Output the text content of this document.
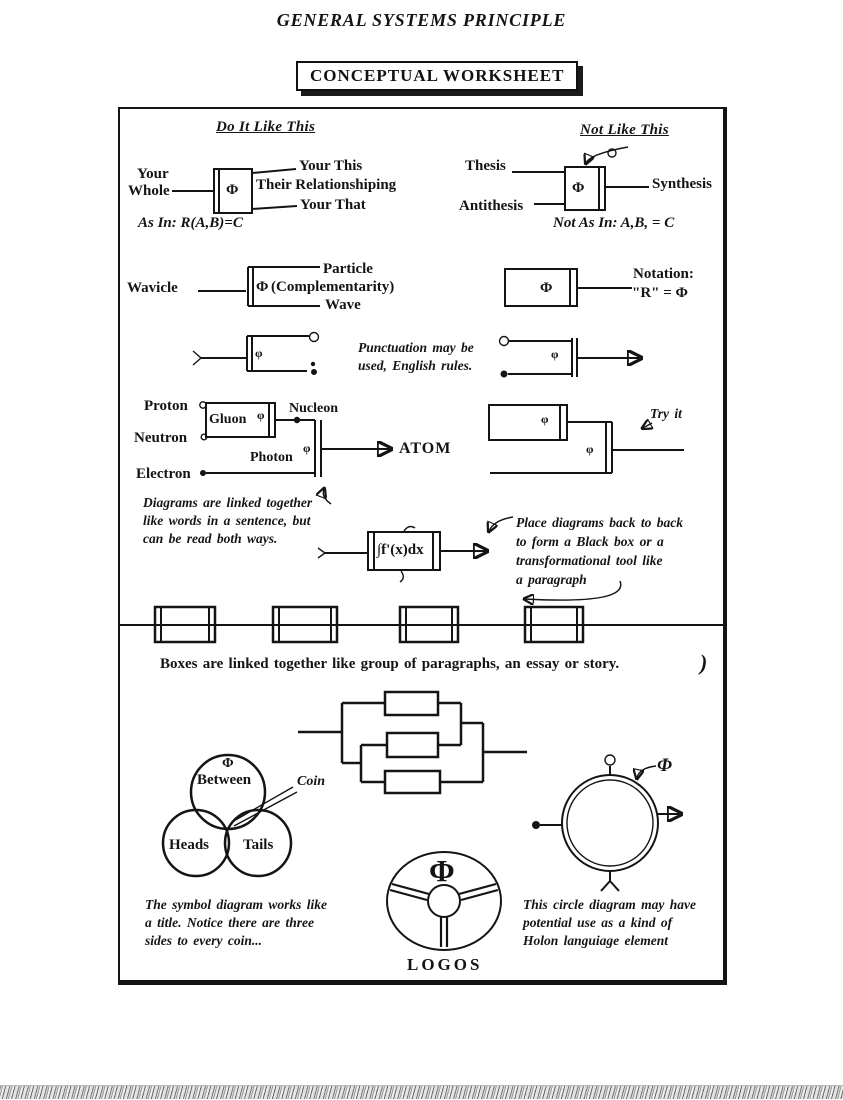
GENERAL SYSTEMS PRINCIPLE
CONCEPTUAL WORKSHEET
Do It Like This	Not Like This
Your
Whole
Your This
Their Relationshiping
Your That
Φ
As In: R(A,B)=C
Thesis
Antithesis
Synthesis
Φ
Not As In: A,B, = C
Wavicle
Particle
(Complementarity)
Wave
Φ
Notation:
"R" = Φ
Φ
Punctuation may be
used, English rules.
φ	φ
Proton
Neutron
Electron
Gluon φ Nucleon
Photon
φ	ATOM
Try it
φ
φ
Diagrams are linked together
like words in a sentence, but
can be read both ways.
∫f'(x)dx
Place diagrams back to back
to form a Black box or a
transformational tool like
a paragraph
Boxes are linked together like group of paragraphs, an essay or story.	)
Φ
Between
Heads Tails
Coin
The symbol diagram works like
a title. Notice there are three
sides to every coin...
Φ
This circle diagram may have
potential use as a kind of
Holon languiage element
Φ
LOGOS
